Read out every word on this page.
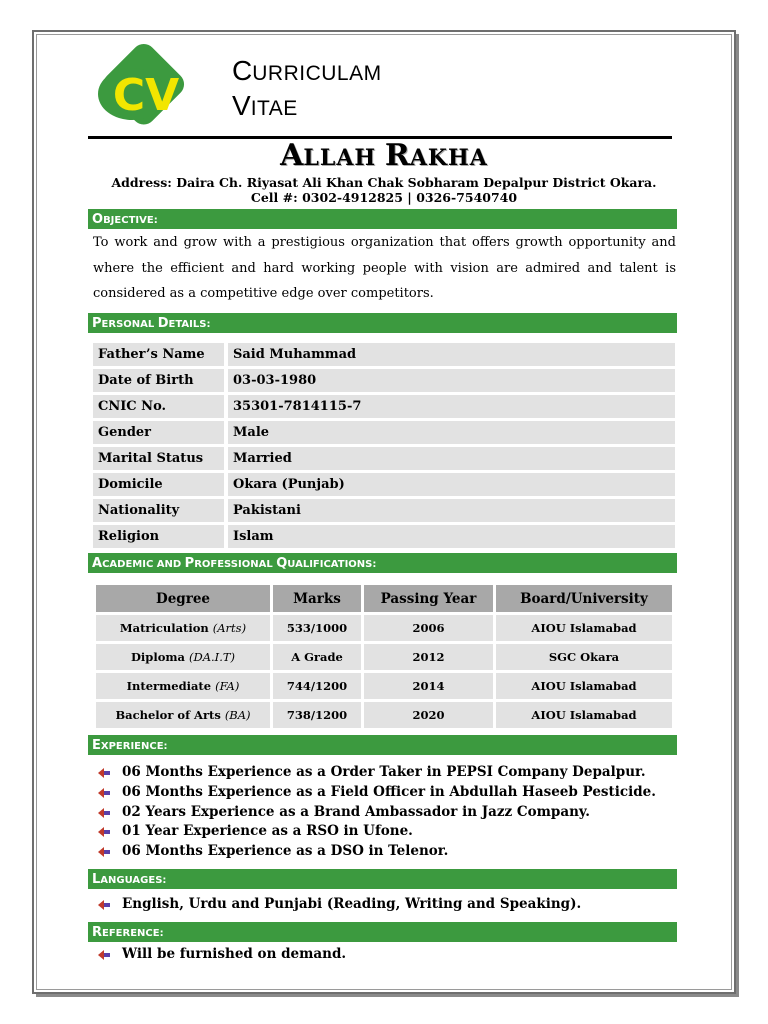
CV CURRICULAM
VITAE
ALLAH RAKHA
Address: Daira Ch. Riyasat Ali Khan Chak Sobharam Depalpur District Okara.
Cell #: 0302-4912825 | 0326-7540740
OBJECTIVE:
To work and grow with a prestigious organization that offers growth opportunity and where the efficient and hard working people with vision are admired and talent is considered as a competitive edge over competitors.
PERSONAL DETAILS:
Father’s Name	Said Muhammad
Date of Birth	03-03-1980
CNIC No.	35301-7814115-7
Gender	Male
Marital Status	Married
Domicile	Okara (Punjab)
Nationality	Pakistani
Religion	Islam
ACADEMIC AND PROFESSIONAL QUALIFICATIONS:
Degree	Marks	Passing Year	Board/University
Matriculation (Arts)	533/1000	2006	AIOU Islamabad
Diploma (DA.I.T)	A Grade	2012	SGC Okara
Intermediate (FA)	744/1200	2014	AIOU Islamabad
Bachelor of Arts (BA)	738/1200	2020	AIOU Islamabad
EXPERIENCE:
06 Months Experience as a Order Taker in PEPSI Company Depalpur.
06 Months Experience as a Field Officer in Abdullah Haseeb Pesticide.
02 Years Experience as a Brand Ambassador in Jazz Company.
01 Year Experience as a RSO in Ufone.
06 Months Experience as a DSO in Telenor.
LANGUAGES:
English, Urdu and Punjabi (Reading, Writing and Speaking).
REFERENCE:
Will be furnished on demand.
